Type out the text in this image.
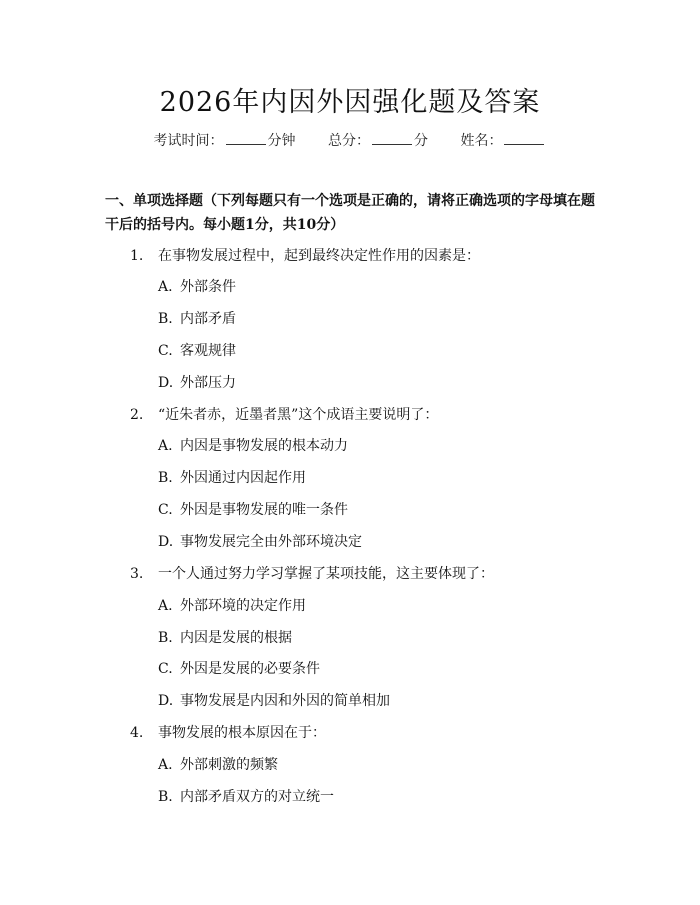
2026年内因外因强化题及答案
考试时间：	分钟 总分：	分 姓名：
一、单项选择题（下列每题只有一个选项是正确的，请将正确选项的字母填在题干后的括号内。每小题1分，共10分）
1. 在事物发展过程中，起到最终决定性作用的因素是：
A. 外部条件
B. 内部矛盾
C. 客观规律
D. 外部压力
2. “近朱者赤，近墨者黑”这个成语主要说明了：
A. 内因是事物发展的根本动力
B. 外因通过内因起作用
C. 外因是事物发展的唯一条件
D. 事物发展完全由外部环境决定
3. 一个人通过努力学习掌握了某项技能，这主要体现了：
A. 外部环境的决定作用
B. 内因是发展的根据
C. 外因是发展的必要条件
D. 事物发展是内因和外因的简单相加
4. 事物发展的根本原因在于：
A. 外部刺激的频繁
B. 内部矛盾双方的对立统一
